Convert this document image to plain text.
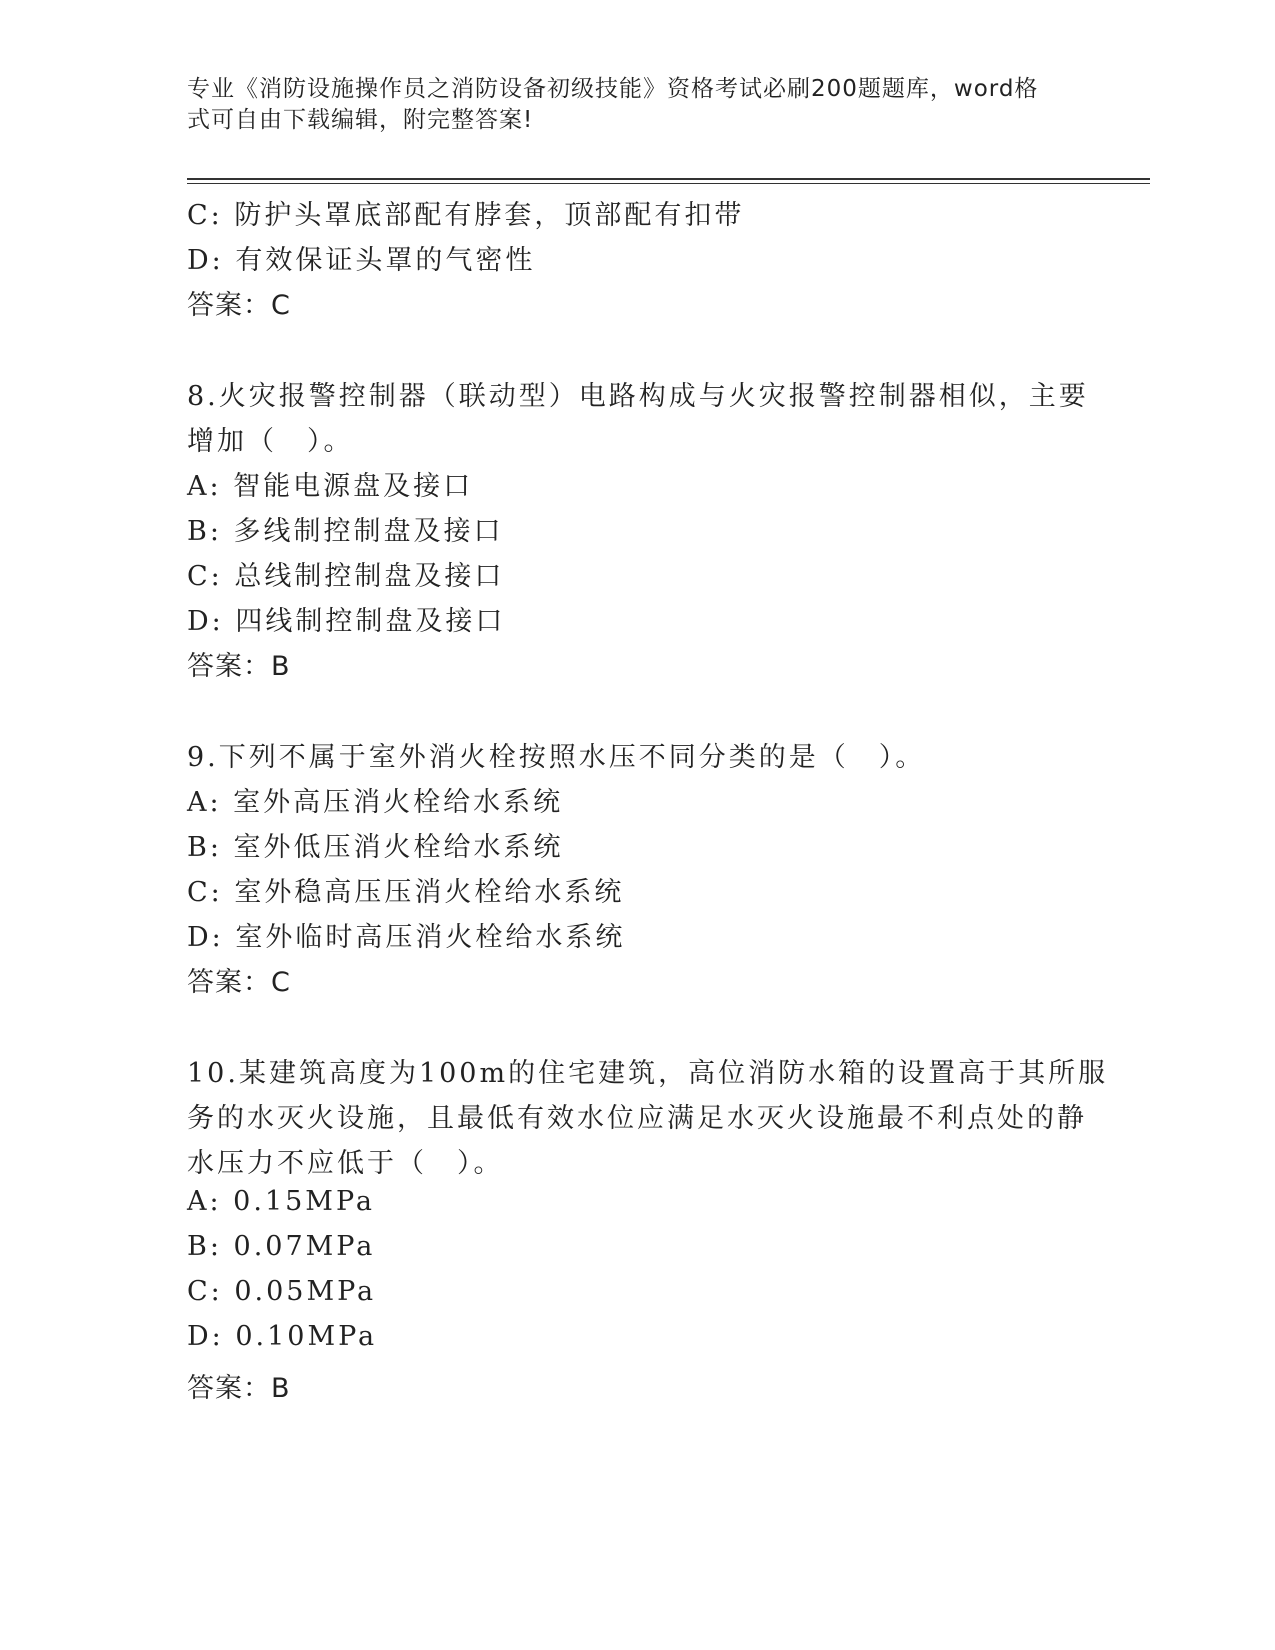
专业《消防设施操作员之消防设备初级技能》资格考试必刷200题题库，word格
式可自由下载编辑，附完整答案!
C: 防护头罩底部配有脖套，顶部配有扣带
D: 有效保证头罩的气密性
答案：C
8.火灾报警控制器（联动型）电路构成与火灾报警控制器相似，主要
增加（　）。
A: 智能电源盘及接口
B: 多线制控制盘及接口
C: 总线制控制盘及接口
D: 四线制控制盘及接口
答案：B
9.下列不属于室外消火栓按照水压不同分类的是（　）。
A: 室外高压消火栓给水系统
B: 室外低压消火栓给水系统
C: 室外稳高压压消火栓给水系统
D: 室外临时高压消火栓给水系统
答案：C
10.某建筑高度为100m的住宅建筑，高位消防水箱的设置高于其所服
务的水灭火设施，且最低有效水位应满足水灭火设施最不利点处的静
水压力不应低于（　）。
A: 0.15MPa
B: 0.07MPa
C: 0.05MPa
D: 0.10MPa
答案：B
